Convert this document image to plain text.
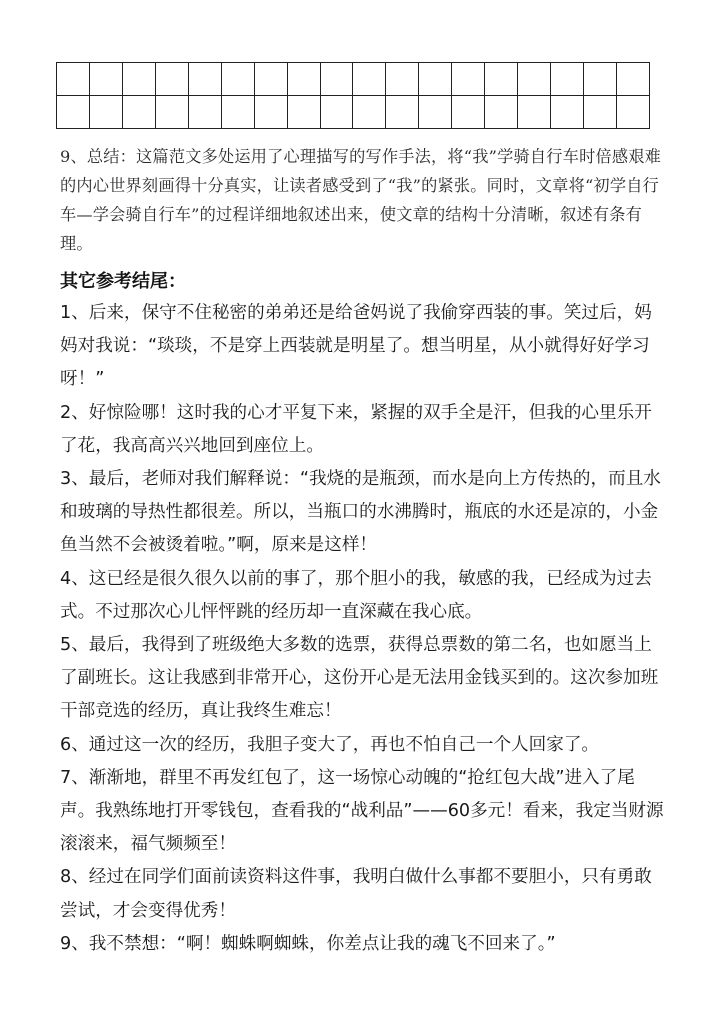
9、总结：这篇范文多处运用了心理描写的写作手法，将“我”学骑自行车时倍感艰难的内心世界刻画得十分真实，让读者感受到了“我”的紧张。同时，文章将“初学自行车—学会骑自行车”的过程详细地叙述出来，使文章的结构十分清晰，叙述有条有理。

其它参考结尾：

1、后来，保守不住秘密的弟弟还是给爸妈说了我偷穿西装的事。笑过后，妈妈对我说：“琰琰，不是穿上西装就是明星了。想当明星，从小就得好好学习呀！”
2、好惊险哪！这时我的心才平复下来，紧握的双手全是汗，但我的心里乐开了花，我高高兴兴地回到座位上。
3、最后，老师对我们解释说：“我烧的是瓶颈，而水是向上方传热的，而且水和玻璃的导热性都很差。所以，当瓶口的水沸腾时，瓶底的水还是凉的，小金鱼当然不会被烫着啦。”啊，原来是这样！
4、这已经是很久很久以前的事了，那个胆小的我，敏感的我，已经成为过去式。不过那次心儿怦怦跳的经历却一直深藏在我心底。
5、最后，我得到了班级绝大多数的选票，获得总票数的第二名，也如愿当上了副班长。这让我感到非常开心，这份开心是无法用金钱买到的。这次参加班干部竞选的经历，真让我终生难忘！
6、通过这一次的经历，我胆子变大了，再也不怕自己一个人回家了。
7、渐渐地，群里不再发红包了，这一场惊心动魄的“抢红包大战”进入了尾声。我熟练地打开零钱包，查看我的“战利品”——60多元！看来，我定当财源滚滚来，福气频频至！
8、经过在同学们面前读资料这件事，我明白做什么事都不要胆小，只有勇敢尝试，才会变得优秀！
9、我不禁想：“啊！蜘蛛啊蜘蛛，你差点让我的魂飞不回来了。”
